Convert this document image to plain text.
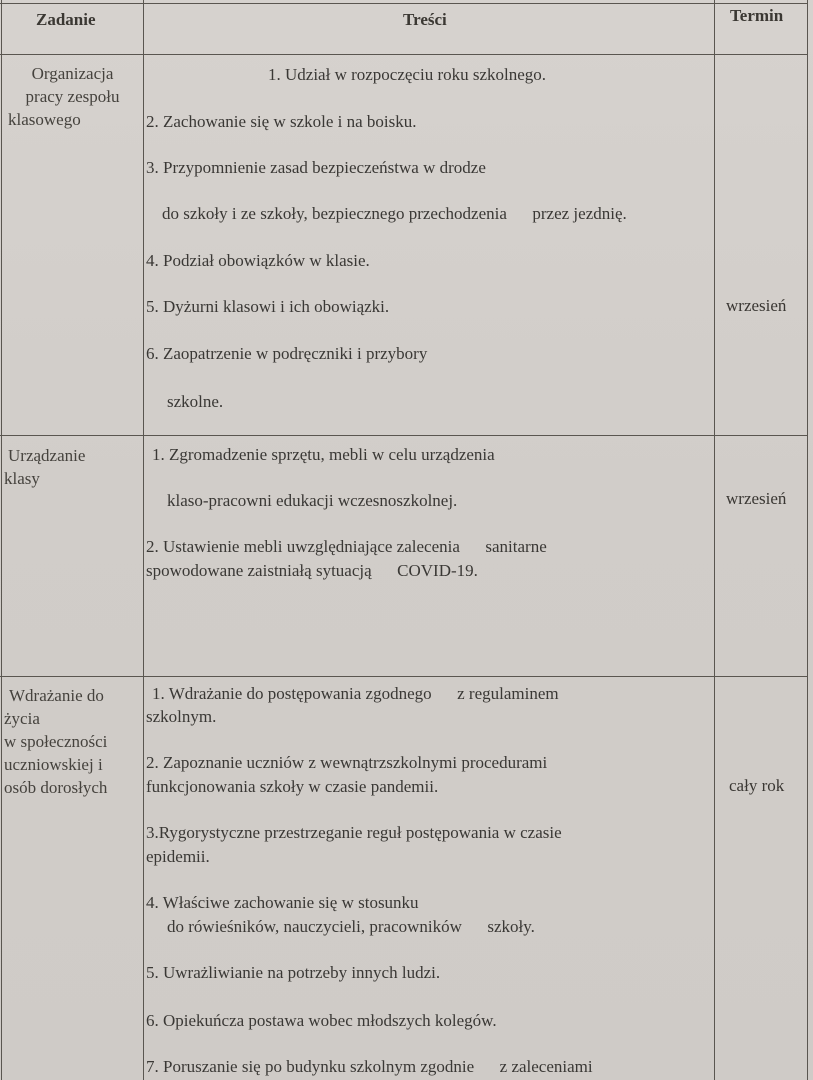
Zadanie	Treści	Termin
Organizacja
pracy zespołu
klasowego
1. Udział w rozpoczęciu roku szkolnego.
2. Zachowanie się w szkole i na boisku.
3. Przypomnienie zasad bezpieczeństwa w drodze
do szkoły i ze szkoły, bezpiecznego przechodzenia      przez jezdnię.
4. Podział obowiązków w klasie.
5. Dyżurni klasowi i ich obowiązki.
6. Zaopatrzenie w podręczniki i przybory
szkolne.
wrzesień
Urządzanie
klasy
1. Zgromadzenie sprzętu, mebli w celu urządzenia
klaso-pracowni edukacji wczesnoszkolnej.
2. Ustawienie mebli uwzględniające zalecenia      sanitarne
spowodowane zaistniałą sytuacją      COVID-19.
wrzesień
Wdrażanie do
życia
w społeczności
uczniowskiej i
osób dorosłych
1. Wdrażanie do postępowania zgodnego      z regulaminem
szkolnym.
2. Zapoznanie uczniów z wewnątrzszkolnymi procedurami
funkcjonowania szkoły w czasie pandemii.
3.Rygorystyczne przestrzeganie reguł postępowania w czasie
epidemii.
4. Właściwe zachowanie się w stosunku
do rówieśników, nauczycieli, pracowników      szkoły.
5. Uwrażliwianie na potrzeby innych ludzi.
6. Opiekuńcza postawa wobec młodszych kolegów.
7. Poruszanie się po budynku szkolnym zgodnie      z zaleceniami
cały rok
